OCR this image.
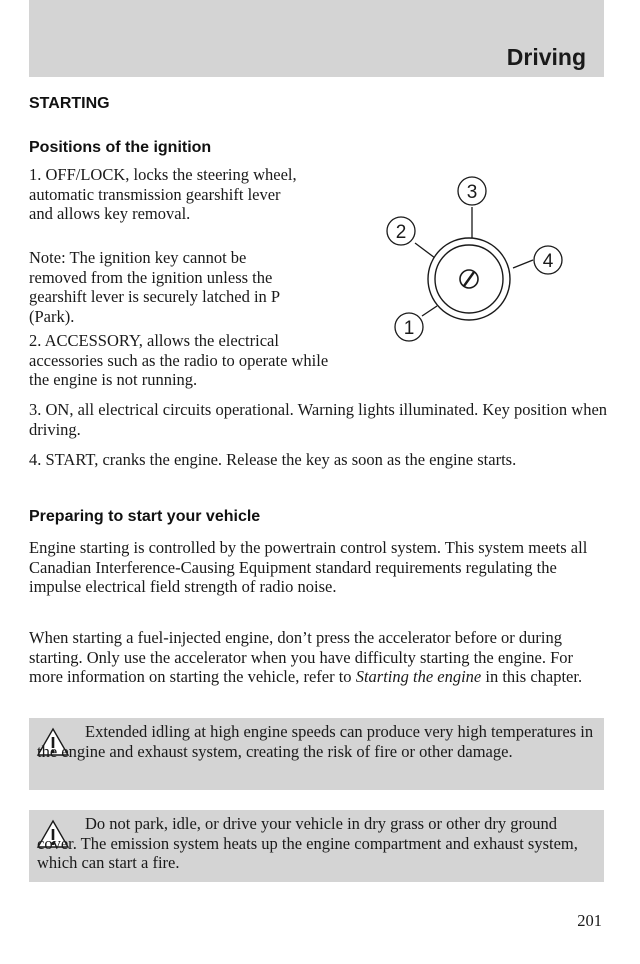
Driving
STARTING
Positions of the ignition
1. OFF/LOCK, locks the steering wheel, automatic transmission gearshift lever and allows key removal.
Note: The ignition key cannot be removed from the ignition unless the gearshift lever is securely latched in P (Park).
2. ACCESSORY, allows the electrical accessories such as the radio to operate while the engine is not running.
3. ON, all electrical circuits operational. Warning lights illuminated. Key position when driving.
4. START, cranks the engine. Release the key as soon as the engine starts.
3
2
4
1
Preparing to start your vehicle
Engine starting is controlled by the powertrain control system. This system meets all Canadian Interference-Causing Equipment standard requirements regulating the impulse electrical field strength of radio noise.
When starting a fuel-injected engine, don’t press the accelerator before or during starting. Only use the accelerator when you have difficulty starting the engine. For more information on starting the vehicle, refer to Starting the engine in this chapter.
Extended idling at high engine speeds can produce very high temperatures in the engine and exhaust system, creating the risk of fire or other damage.
Do not park, idle, or drive your vehicle in dry grass or other dry ground cover. The emission system heats up the engine compartment and exhaust system, which can start a fire.
201
